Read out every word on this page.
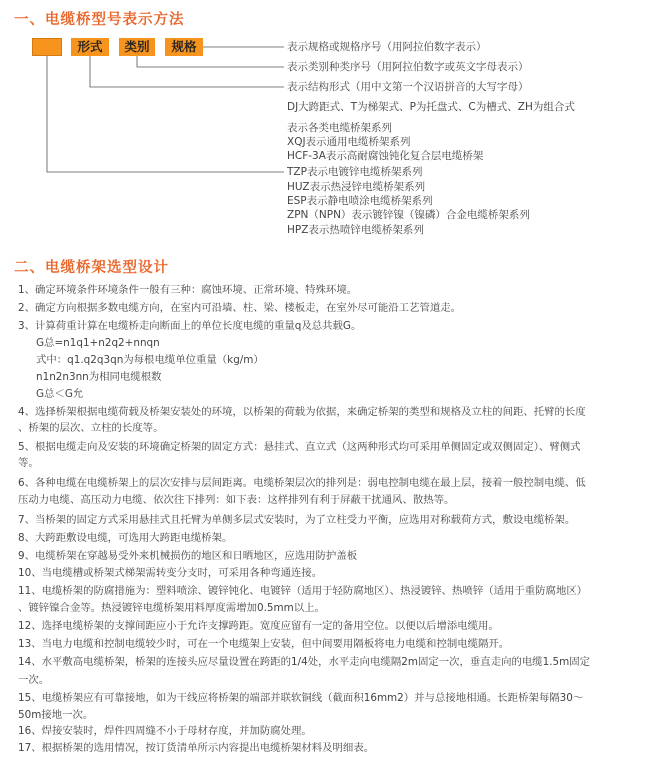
一、电缆桥型号表示方法
形式	类别	规格	表示规格或规格序号（用阿拉伯数字表示）
表示类别种类序号（用阿拉伯数字或英文字母表示）
表示结构形式（用中文第一个汉语拼音的大写字母）
DJ大跨距式、T为梯架式、P为托盘式、C为槽式、ZH为组合式
表示各类电缆桥架系列
XQJ表示通用电缆桥架系列
HCF-3A表示高耐腐蚀钝化复合层电缆桥架
TZP表示电镀锌电缆桥架系列
HUZ表示热浸锌电缆桥架系列
ESP表示静电喷涂电缆桥架系列
ZPN（NPN）表示镀锌镍（镍磷）合金电缆桥架系列
HPZ表示热喷锌电缆桥架系列
二、电缆桥架选型设计
1、确定环境条件环境条件一般有三种：腐蚀环境、正常环境、特殊环境。
2、确定方向根据多数电缆方向，在室内可沿墙、柱、梁、楼板走，在室外尽可能沿工艺管道走。
3、计算荷重计算在电缆桥走向断面上的单位长度电缆的重量q及总共载G。
G总=n1q1+n2q2+nnqn
式中：q1.q2q3qn为每根电缆单位重量（kg/m）
n1n2n3nn为相同电缆根数
G总＜G允
4、选择桥架根据电缆荷载及桥架安装处的环境，以桥架的荷载为依据，来确定桥架的类型和规格及立柱的间距、托臂的长度
、桥架的层次、立柱的长度等。
5、根据电缆走向及安装的环境确定桥架的固定方式：悬挂式、直立式（这两种形式均可采用单侧固定或双侧固定）、臂侧式
等。
6、各种电缆在电缆桥架上的层次安排与层间距离。电缆桥架层次的排列是：弱电控制电缆在最上层，接着一般控制电缆、低
压动力电缆、高压动力电缆、依次往下排列：如下表：这样排列有利于屏蔽干扰通风、散热等。
7、当桥架的固定方式采用悬挂式且托臂为单侧多层式安装时，为了立柱受力平衡，应选用对称载荷方式，敷设电缆桥架。
8、大跨距敷设电缆，可选用大跨距电缆桥架。
9、电缆桥架在穿越易受外来机械损伤的地区和日晒地区，应选用防护盖板
10、当电缆槽或桥架式梯架需转变分支时，可采用各种弯通连接。
11、电缆桥架的防腐措施为：塑料喷涂、镀锌钝化、电镀锌（适用于轻防腐地区）、热浸镀锌、热喷锌（适用于重防腐地区）
、镀锌镍合金等。热浸镀锌电缆桥架用料厚度需增加0.5mm以上。
12、选择电缆桥架的支撑间距应小于允许支撑跨距。宽度应留有一定的备用空位。以便以后增添电缆用。
13、当电力电缆和控制电缆较少时，可在一个电缆架上安装，但中间要用隔板将电力电缆和控制电缆隔开。
14、水平敷高电缆桥架，桥架的连接头应尽量设置在跨距的1/4处，水平走向电缆隔2m固定一次，垂直走向的电缆1.5m固定
一次。
15、电缆桥架应有可靠接地，如为干线应将桥架的端部并联软铜线（截面积16mm2）并与总接地相通。长距桥架每隔30～
50m接地一次。
16、焊接安装时，焊件四周缝不小于母材存度，并加防腐处理。
17、根据桥架的选用情况，按订货清单所示内容提出电缆桥架材料及明细表。
